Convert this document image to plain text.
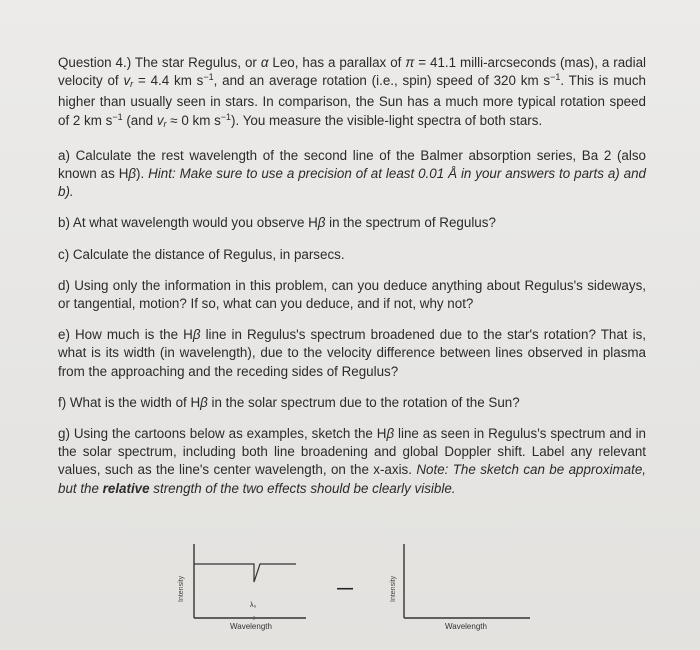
Question 4.) The star Regulus, or α Leo, has a parallax of π = 41.1 milli-arcseconds (mas), a radial velocity of $v_r = 4.4$ km $s^{-1}$, and an average rotation (i.e., spin) speed of 320 km $s^{-1}$. This is much higher than usually seen in stars. In comparison, the Sun has a much more typical rotation speed of 2 km $s^{-1}$ (and $v_r \approx 0$ km $s^{-1}$). You measure the visible-light spectra of both stars.

a) Calculate the rest wavelength of the second line of the Balmer absorption series, Ba 2 (also known as Hβ). Hint: Make sure to use a precision of at least 0.01 Å in your answers to parts a) and b).

b) At what wavelength would you observe Hβ in the spectrum of Regulus?

c) Calculate the distance of Regulus, in parsecs.

d) Using only the information in this problem, can you deduce anything about Regulus's sideways, or tangential, motion? If so, what can you deduce, and if not, why not?

e) How much is the Hβ line in Regulus's spectrum broadened due to the star's rotation? That is, what is its width (in wavelength), due to the velocity difference between lines observed in plasma from the approaching and the receding sides of Regulus?

f) What is the width of Hβ in the solar spectrum due to the rotation of the Sun?

g) Using the cartoons below as examples, sketch the Hβ line as seen in Regulus's spectrum and in the solar spectrum, including both line broadening and global Doppler shift. Label any relevant values, such as the line's center wavelength, on the x-axis. Note: The sketch can be approximate, but the relative strength of the two effects should be clearly visible.

Intensity
Wavelength
λ₀
—	Intensity
Wavelength
